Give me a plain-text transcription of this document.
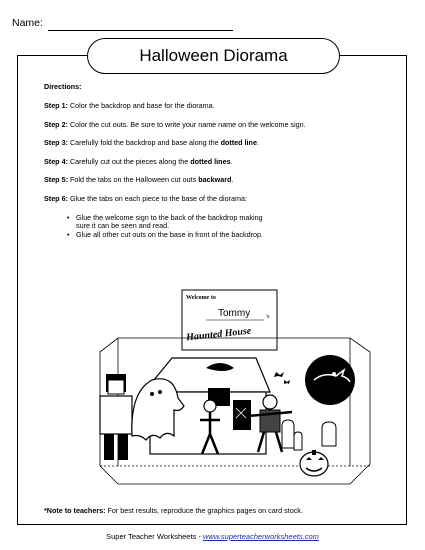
Name:
Halloween Diorama
Directions:
Step 1: Color the backdrop and base for the diorama.
Step 2: Color the cut outs. Be sure to write your name name on the welcome sign.
Step 3: Carefully fold the backdrop and base along the dotted line.
Step 4: Carefully cut out the pieces along the dotted lines.
Step 5: Fold the tabs on the Halloween cut outs backward.
Step 6: Glue the tabs on each piece to the base of the diorama:
• Glue the welcome sign to the back of the backdrop making
sure it can be seen and read.
• Glue all other cut outs on the base in front of the backdrop.
Welcome to
Tommy	's
Haunted House
*Note to teachers: For best results, reproduce the graphics pages on card stock.
Super Teacher Worksheets - www.superteacherworksheets.com
